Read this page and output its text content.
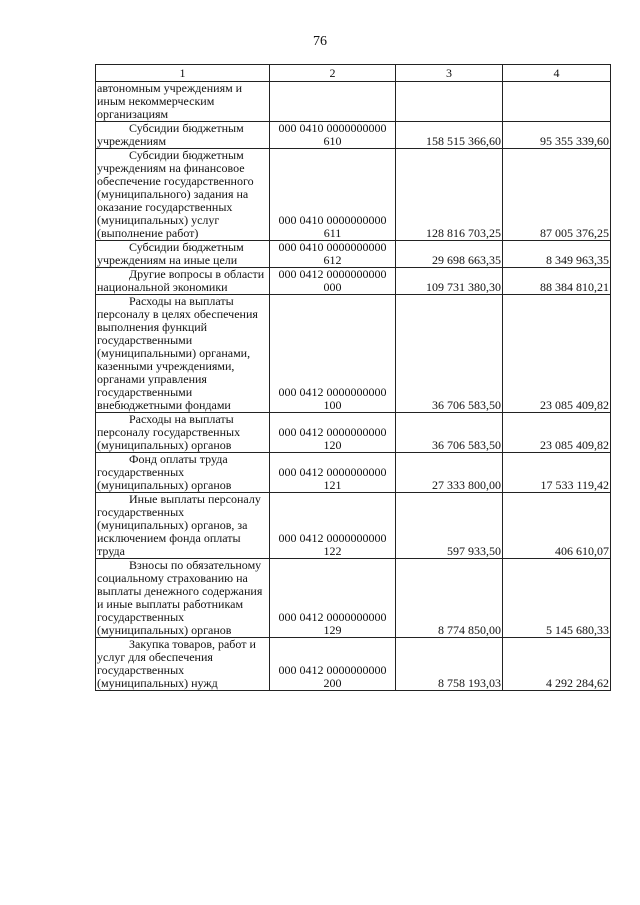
76
1	2	3	4
автономным учреждениям и иным некоммерческим организациям			
Субсидии бюджетным учреждениям	000 0410 0000000000 610	158 515 366,60	95 355 339,60
Субсидии бюджетным учреждениям на финансовое обеспечение государственного (муниципального) задания на оказание государственных (муниципальных) услуг (выполнение работ)	000 0410 0000000000 611	128 816 703,25	87 005 376,25
Субсидии бюджетным учреждениям на иные цели	000 0410 0000000000 612	29 698 663,35	8 349 963,35
Другие вопросы в области национальной экономики	000 0412 0000000000 000	109 731 380,30	88 384 810,21
Расходы на выплаты персоналу в целях обеспечения выполнения функций государственными (муниципальными) органами, казенными учреждениями, органами управления государственными внебюджетными фондами	000 0412 0000000000 100	36 706 583,50	23 085 409,82
Расходы на выплаты персоналу государственных (муниципальных) органов	000 0412 0000000000 120	36 706 583,50	23 085 409,82
Фонд оплаты труда государственных (муниципальных) органов	000 0412 0000000000 121	27 333 800,00	17 533 119,42
Иные выплаты персоналу государственных (муниципальных) органов, за исключением фонда оплаты труда	000 0412 0000000000 122	597 933,50	406 610,07
Взносы по обязательному социальному страхованию на выплаты денежного содержания и иные выплаты работникам государственных (муниципальных) органов	000 0412 0000000000 129	8 774 850,00	5 145 680,33
Закупка товаров, работ и услуг для обеспечения государственных (муниципальных) нужд	000 0412 0000000000 200	8 758 193,03	4 292 284,62
